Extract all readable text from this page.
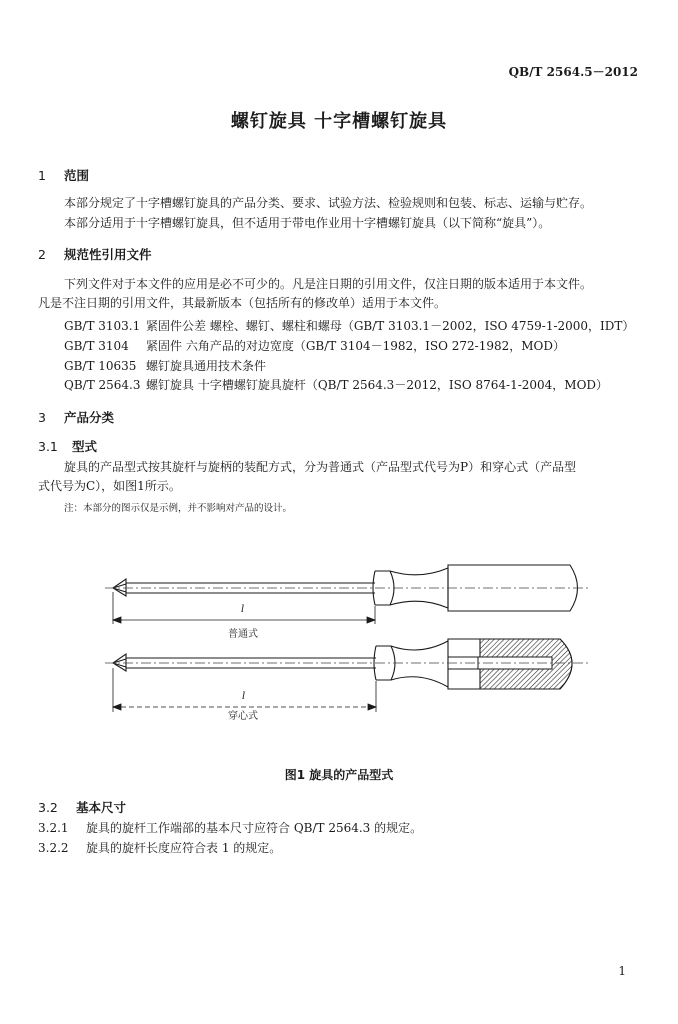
QB/T 2564.5－2012
螺钉旋具 十字槽螺钉旋具
1 范围
本部分规定了十字槽螺钉旋具的产品分类、要求、试验方法、检验规则和包装、标志、运输与贮存。
本部分适用于十字槽螺钉旋具，但不适用于带电作业用十字槽螺钉旋具（以下简称“旋具”）。
2 规范性引用文件
下列文件对于本文件的应用是必不可少的。凡是注日期的引用文件，仅注日期的版本适用于本文件。
凡是不注日期的引用文件，其最新版本（包括所有的修改单）适用于本文件。
GB/T 3103.1 紧固件公差 螺栓、螺钉、螺柱和螺母（GB/T 3103.1－2002，ISO 4759-1-2000，IDT）
GB/T 3104 紧固件 六角产品的对边宽度（GB/T 3104－1982，ISO 272-1982，MOD）
GB/T 10635 螺钉旋具通用技术条件
QB/T 2564.3 螺钉旋具 十字槽螺钉旋具旋杆（QB/T 2564.3－2012，ISO 8764-1-2004，MOD）
3 产品分类
3.1 型式
旋具的产品型式按其旋杆与旋柄的装配方式，分为普通式（产品型式代号为P）和穿心式（产品型
式代号为C），如图1所示。
注：本部分的图示仅是示例，并不影响对产品的设计。
l
普通式
l
穿心式
图1 旋具的产品型式
3.2 基本尺寸
3.2.1 旋具的旋杆工作端部的基本尺寸应符合 QB/T 2564.3 的规定。
3.2.2 旋具的旋杆长度应符合表 1 的规定。
1
